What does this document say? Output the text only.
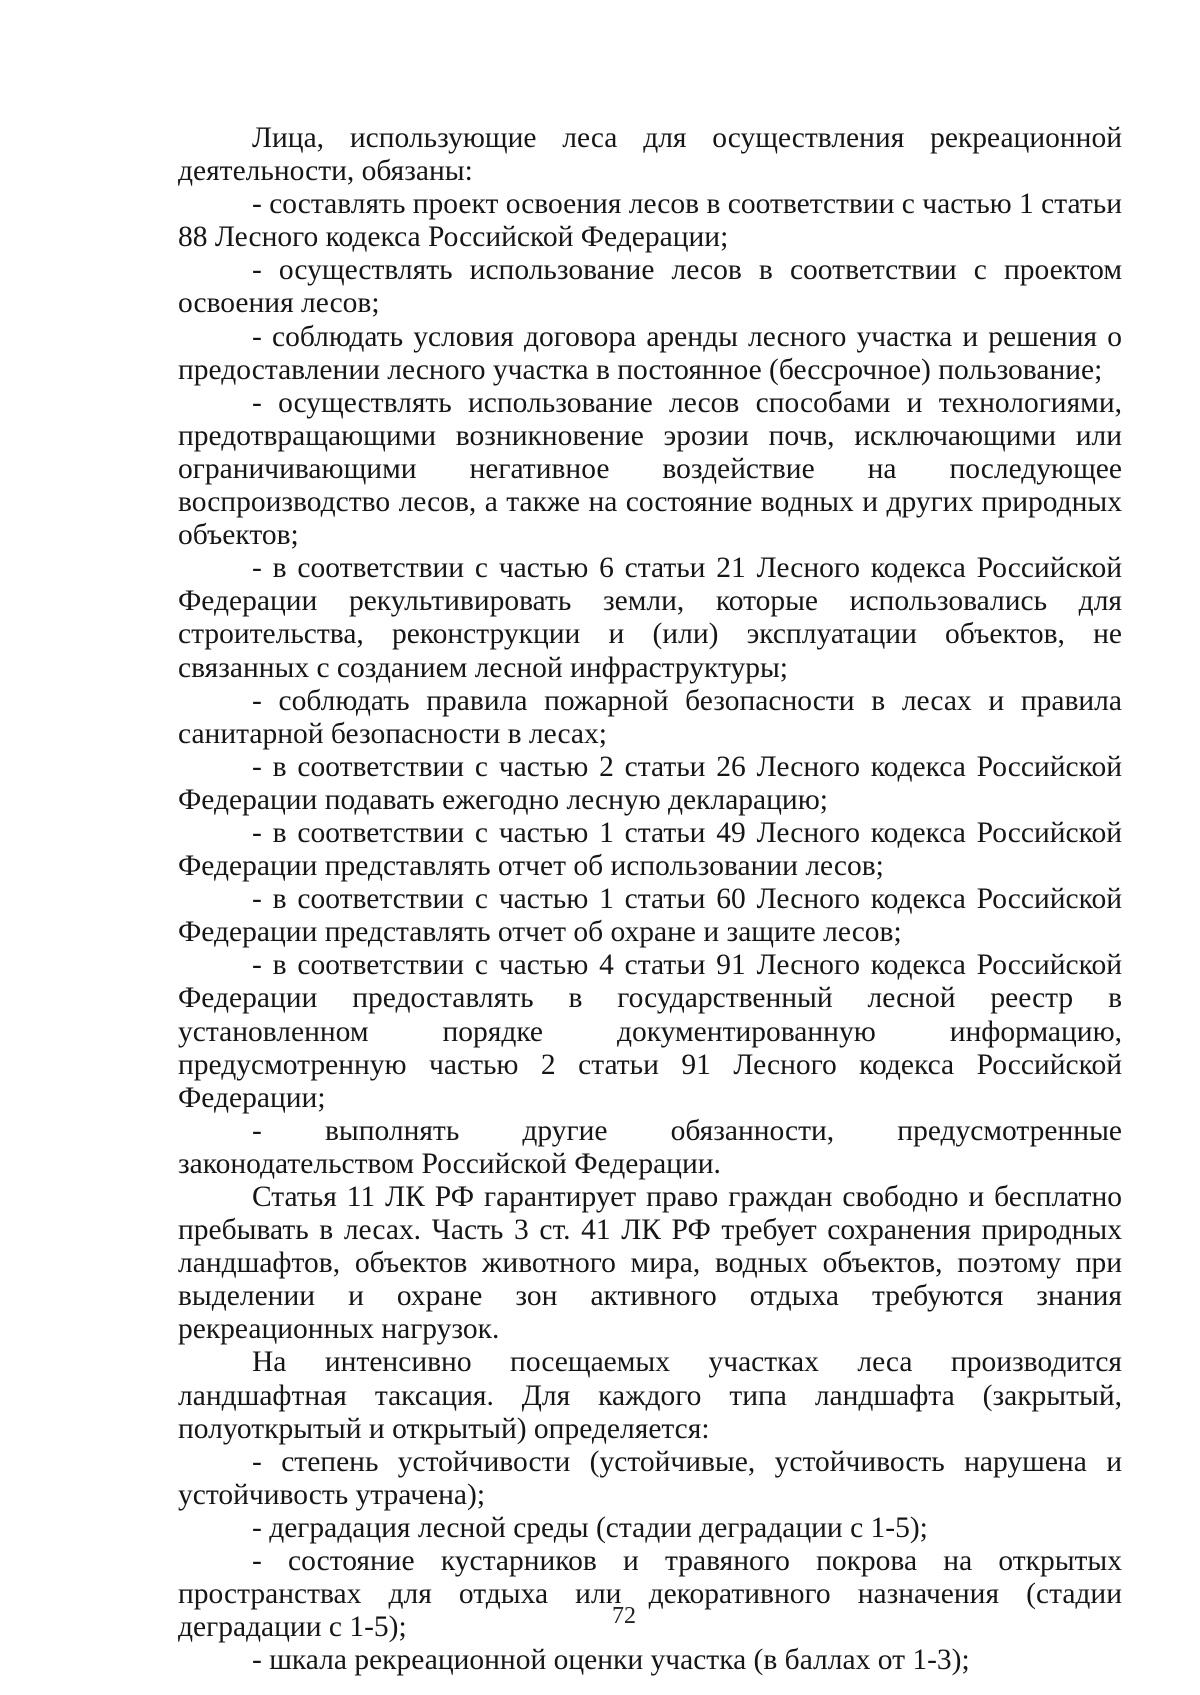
Лица, использующие леса для осуществления рекреационной деятельности, обязаны:

- составлять проект освоения лесов в соответствии с частью 1 статьи 88 Лесного кодекса Российской Федерации;

- осуществлять использование лесов в соответствии с проектом освоения лесов;

- соблюдать условия договора аренды лесного участка и решения о предоставлении лесного участка в постоянное (бессрочное) пользование;

- осуществлять использование лесов способами и технологиями, предотвращающими возникновение эрозии почв, исключающими или ограничивающими негативное воздействие на последующее воспроизводство лесов, а также на состояние водных и других природных объектов;

- в соответствии с частью 6 статьи 21 Лесного кодекса Российской Федерации рекультивировать земли, которые использовались для строительства, реконструкции и (или) эксплуатации объектов, не связанных с созданием лесной инфраструктуры;

- соблюдать правила пожарной безопасности в лесах и правила санитарной безопасности в лесах;

- в соответствии с частью 2 статьи 26 Лесного кодекса Российской Федерации подавать ежегодно лесную декларацию;

- в соответствии с частью 1 статьи 49 Лесного кодекса Российской Федерации представлять отчет об использовании лесов;

- в соответствии с частью 1 статьи 60 Лесного кодекса Российской Федерации представлять отчет об охране и защите лесов;

- в соответствии с частью 4 статьи 91 Лесного кодекса Российской Федерации предоставлять в государственный лесной реестр в установленном порядке документированную информацию, предусмотренную частью 2 статьи 91 Лесного кодекса Российской Федерации;

- выполнять другие обязанности, предусмотренные законодательством Российской Федерации.

Статья 11 ЛК РФ гарантирует право граждан свободно и бесплатно пребывать в лесах. Часть 3 ст. 41 ЛК РФ требует сохранения природных ландшафтов, объектов животного мира, водных объектов, поэтому при выделении и охране зон активного отдыха требуются знания рекреационных нагрузок.

На интенсивно посещаемых участках леса производится ландшафтная таксация. Для каждого типа ландшафта (закрытый, полуоткрытый и открытый) определяется:

- степень устойчивости (устойчивые, устойчивость нарушена и устойчивость утрачена);

- деградация лесной среды (стадии деградации с 1-5);

- состояние кустарников и травяного покрова на открытых пространствах для отдыха или декоративного назначения (стадии деградации с 1-5);

- шкала рекреационной оценки участка (в баллах от 1-3);

72
